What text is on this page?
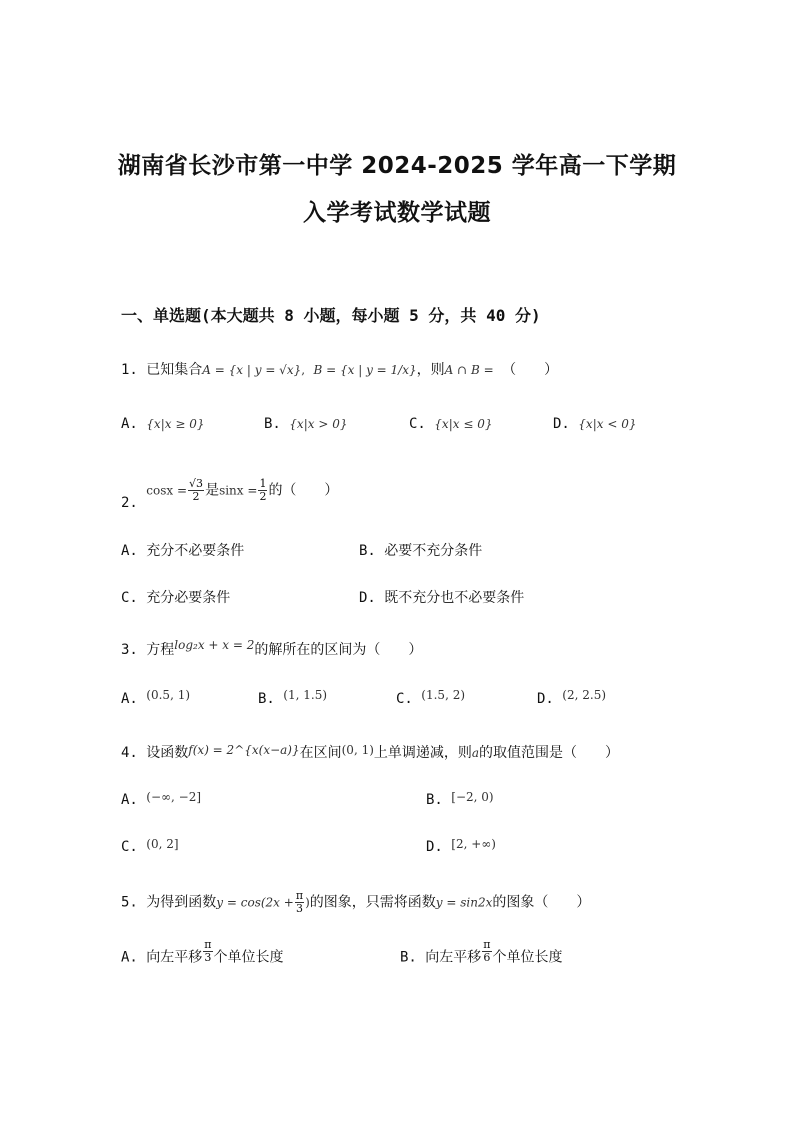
湖南省长沙市第一中学 2024-2025 学年高一下学期
入学考试数学试题
一、单选题(本大题共 8 小题，每小题 5 分，共 40 分)
1. 已知集合A = {x | y = √x}, B = {x | y = 1/x}，则A ∩ B = （　　）
A. {x|x ≥ 0}	B. {x|x > 0}	C. {x|x ≤ 0}	D. {x|x < 0}
2. $\cos x = \frac{√3}{2}$ 是$\sin x = \frac{1}{2}$ 的（　　）
A. 充分不必要条件	B. 必要不充分条件
C. 充分必要条件	D. 既不充分也不必要条件
3. 方程log₂x + x = 2的解所在的区间为（　　）
A. (0.5, 1)	B. (1, 1.5)	C. (1.5, 2)	D. (2, 2.5)
4. 设函数f(x) = 2^{x(x−a)}在区间(0, 1)上单调递减，则a的取值范围是（　　）
A. (−∞, −2]	B. [−2, 0)
C. (0, 2]	D. [2, +∞)
5. 为得到函数$y = \cos(2x + \frac{\pi}{3}$ )的图象，只需将函数y = sin2x的图象（　　）
A. 向左平移 $\frac{\pi}{3}$ 个单位长度	B. 向左平移 $\frac{\pi}{6}$ 个单位长度
